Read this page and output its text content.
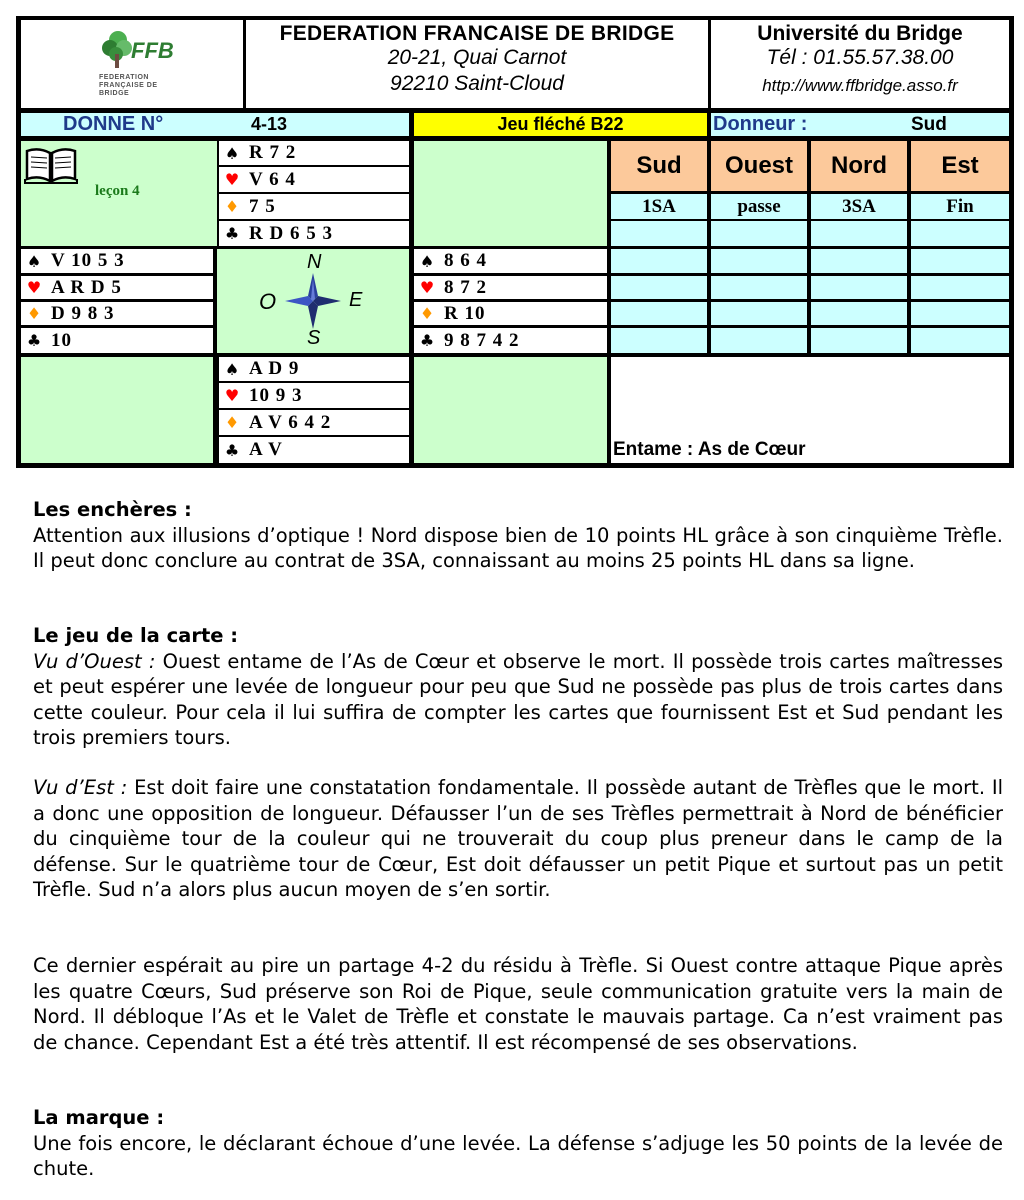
FFB
FEDERATION FRANÇAISE DE BRIDGE
FEDERATION FRANCAISE DE BRIDGE
20-21, Quai Carnot
92210 Saint-Cloud
Université du Bridge
Tél : 01.55.57.38.00
http://www.ffbridge.asso.fr
DONNE N°	4-13	Jeu fléché B22	Donneur :	Sud
leçon 4
♠ R 7 2
♥ V 6 4
♦ 7 5
♣ R D 6 5 3
Sud	Ouest	Nord	Est
1SA	passe	3SA	Fin
♠ V 10 5 3
♥ A R D 5
♦ D 9 8 3
♣ 10
N
O	E
S
♠ 8 6 4
♥ 8 7 2
♦ R 10
♣ 9 8 7 4 2
♠ A D 9
♥ 10 9 3
♦ A V 6 4 2
♣ A V	Entame : As de Cœur
Les enchères :

Attention aux illusions d’optique ! Nord dispose bien de 10 points HL grâce à son cinquième Trèfle. Il peut donc conclure au contrat de 3SA, connaissant au moins 25 points HL dans sa ligne.

Le jeu de la carte :

Vu d’Ouest : Ouest entame de l’As de Cœur et observe le mort. Il possède trois cartes maîtresses et peut espérer une levée de longueur pour peu que Sud ne possède pas plus de trois cartes dans cette couleur. Pour cela il lui suffira de compter les cartes que fournissent Est et Sud pendant les trois premiers tours.

Vu d’Est : Est doit faire une constatation fondamentale. Il possède autant de Trèfles que le mort. Il a donc une opposition de longueur. Défausser l’un de ses Trèfles permettrait à Nord de bénéficier du cinquième tour de la couleur qui ne trouverait du coup plus preneur dans le camp de la défense. Sur le quatrième tour de Cœur, Est doit défausser un petit Pique et surtout pas un petit Trèfle. Sud n’a alors plus aucun moyen de s’en sortir.

Ce dernier espérait au pire un partage 4-2 du résidu à Trèfle. Si Ouest contre attaque Pique après les quatre Cœurs, Sud préserve son Roi de Pique, seule communication gratuite vers la main de Nord. Il débloque l’As et le Valet de Trèfle et constate le mauvais partage. Ca n’est vraiment pas de chance. Cependant Est a été très attentif. Il est récompensé de ses observations.

La marque :

Une fois encore, le déclarant échoue d’une levée. La défense s’adjuge les 50 points de la levée de chute.
